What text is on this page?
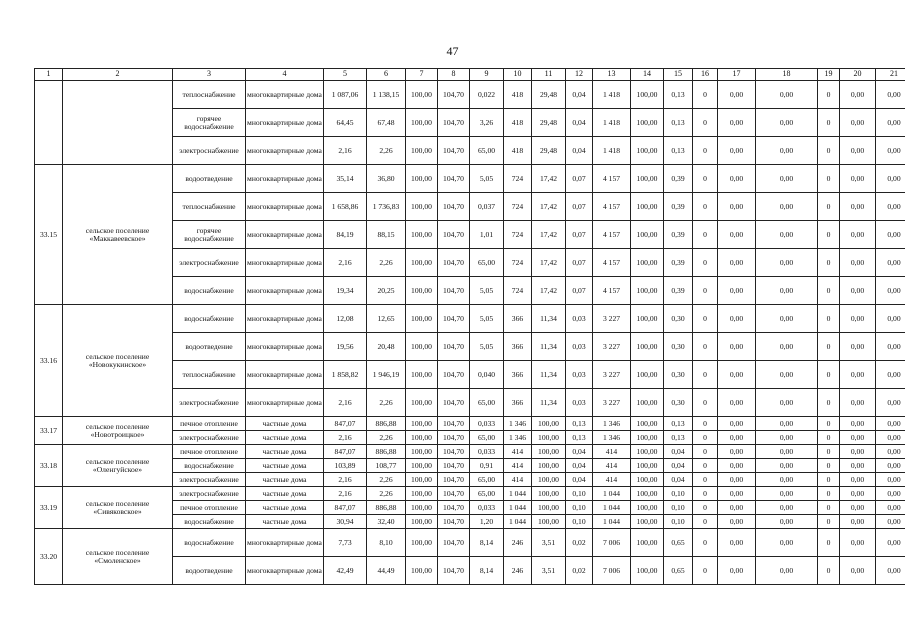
47
1	2	3	4	5	6	7	8	9	10	11	12	13	14	15	16	17	18	19	20	21
		теплоснабжение	многоквартирные дома	1 087,06	1 138,15	100,00	104,70	0,022	418	29,48	0,04	1 418	100,00	0,13	0	0,00	0,00	0	0,00	0,00
		горячее водоснабжение	многоквартирные дома	64,45	67,48	100,00	104,70	3,26	418	29,48	0,04	1 418	100,00	0,13	0	0,00	0,00	0	0,00	0,00
		электроснабжение	многоквартирные дома	2,16	2,26	100,00	104,70	65,00	418	29,48	0,04	1 418	100,00	0,13	0	0,00	0,00	0	0,00	0,00
33.15	сельское поселение «Маккавеевское»	водоотведение	многоквартирные дома	35,14	36,80	100,00	104,70	5,05	724	17,42	0,07	4 157	100,00	0,39	0	0,00	0,00	0	0,00	0,00
		теплоснабжение	многоквартирные дома	1 658,86	1 736,83	100,00	104,70	0,037	724	17,42	0,07	4 157	100,00	0,39	0	0,00	0,00	0	0,00	0,00
		горячее водоснабжение	многоквартирные дома	84,19	88,15	100,00	104,70	1,01	724	17,42	0,07	4 157	100,00	0,39	0	0,00	0,00	0	0,00	0,00
		электроснабжение	многоквартирные дома	2,16	2,26	100,00	104,70	65,00	724	17,42	0,07	4 157	100,00	0,39	0	0,00	0,00	0	0,00	0,00
		водоснабжение	многоквартирные дома	19,34	20,25	100,00	104,70	5,05	724	17,42	0,07	4 157	100,00	0,39	0	0,00	0,00	0	0,00	0,00
33.16	сельское поселение «Новокукинское»	водоснабжение	многоквартирные дома	12,08	12,65	100,00	104,70	5,05	366	11,34	0,03	3 227	100,00	0,30	0	0,00	0,00	0	0,00	0,00
		водоотведение	многоквартирные дома	19,56	20,48	100,00	104,70	5,05	366	11,34	0,03	3 227	100,00	0,30	0	0,00	0,00	0	0,00	0,00
		теплоснабжение	многоквартирные дома	1 858,82	1 946,19	100,00	104,70	0,040	366	11,34	0,03	3 227	100,00	0,30	0	0,00	0,00	0	0,00	0,00
		электроснабжение	многоквартирные дома	2,16	2,26	100,00	104,70	65,00	366	11,34	0,03	3 227	100,00	0,30	0	0,00	0,00	0	0,00	0,00
33.17	сельское поселение «Новотроицкое»	печное отопление	частные дома	847,07	886,88	100,00	104,70	0,033	1 346	100,00	0,13	1 346	100,00	0,13	0	0,00	0,00	0	0,00	0,00
		электроснабжение	частные дома	2,16	2,26	100,00	104,70	65,00	1 346	100,00	0,13	1 346	100,00	0,13	0	0,00	0,00	0	0,00	0,00
33.18	сельское поселение «Оленгуйское»	печное отопление	частные дома	847,07	886,88	100,00	104,70	0,033	414	100,00	0,04	414	100,00	0,04	0	0,00	0,00	0	0,00	0,00
		водоснабжение	частные дома	103,89	108,77	100,00	104,70	0,91	414	100,00	0,04	414	100,00	0,04	0	0,00	0,00	0	0,00	0,00
		электроснабжение	частные дома	2,16	2,26	100,00	104,70	65,00	414	100,00	0,04	414	100,00	0,04	0	0,00	0,00	0	0,00	0,00
33.19	сельское поселение «Сивяковское»	электроснабжение	частные дома	2,16	2,26	100,00	104,70	65,00	1 044	100,00	0,10	1 044	100,00	0,10	0	0,00	0,00	0	0,00	0,00
		печное отопление	частные дома	847,07	886,88	100,00	104,70	0,033	1 044	100,00	0,10	1 044	100,00	0,10	0	0,00	0,00	0	0,00	0,00
		водоснабжение	частные дома	30,94	32,40	100,00	104,70	1,20	1 044	100,00	0,10	1 044	100,00	0,10	0	0,00	0,00	0	0,00	0,00
33.20	сельское поселение «Смоленское»	водоснабжение	многоквартирные дома	7,73	8,10	100,00	104,70	8,14	246	3,51	0,02	7 006	100,00	0,65	0	0,00	0,00	0	0,00	0,00
		водоотведение	многоквартирные дома	42,49	44,49	100,00	104,70	8,14	246	3,51	0,02	7 006	100,00	0,65	0	0,00	0,00	0	0,00	0,00
